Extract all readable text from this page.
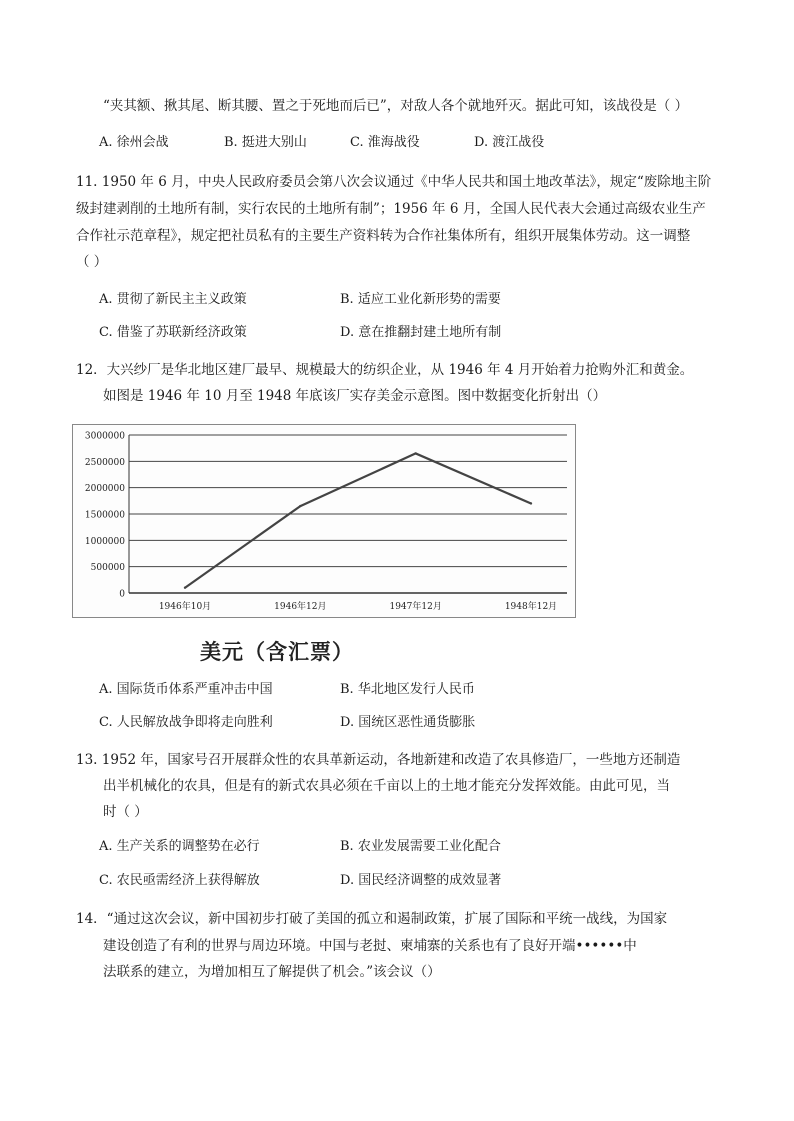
“夹其额、揪其尾、断其腰、置之于死地而后已”，对敌人各个就地歼灭。据此可知，该战役是（ ）
A. 徐州会战	B. 挺进大别山	C. 淮海战役	D. 渡江战役
11. 1950 年 6 月，中央人民政府委员会第八次会议通过《中华人民共和国土地改革法》，规定“废除地主阶
级封建剥削的土地所有制，实行农民的土地所有制”；1956 年 6 月，全国人民代表大会通过高级农业生产
合作社示范章程》，规定把社员私有的主要生产资料转为合作社集体所有，组织开展集体劳动。这一调整
（ ）
A. 贯彻了新民主主义政策	B. 适应工业化新形势的需要
C. 借鉴了苏联新经济政策	D. 意在推翻封建土地所有制
12．大兴纱厂是华北地区建厂最早、规模最大的纺织企业，从 1946 年 4 月开始着力抢购外汇和黄金。
如图是 1946 年 10 月至 1948 年底该厂实存美金示意图。图中数据变化折射出（）
0
500000
1000000
1500000
2000000
2500000
3000000
1946年10月	1946年12月	1947年12月	1948年12月
美元（含汇票）
A. 国际货币体系严重冲击中国	B. 华北地区发行人民币
C. 人民解放战争即将走向胜利	D. 国统区恶性通货膨胀
13. 1952 年，国家号召开展群众性的农具革新运动，各地新建和改造了农具修造厂，一些地方还制造
出半机械化的农具，但是有的新式农具必须在千亩以上的土地才能充分发挥效能。由此可见，当
时（ ）
A. 生产关系的调整势在必行	B. 农业发展需要工业化配合
C. 农民亟需经济上获得解放	D. 国民经济调整的成效显著
14．“通过这次会议，新中国初步打破了美国的孤立和遏制政策，扩展了国际和平统一战线，为国家
建设创造了有利的世界与周边环境。中国与老挝、柬埔寨的关系也有了良好开端••••••中
法联系的建立，为增加相互了解提供了机会。”该会议（）
